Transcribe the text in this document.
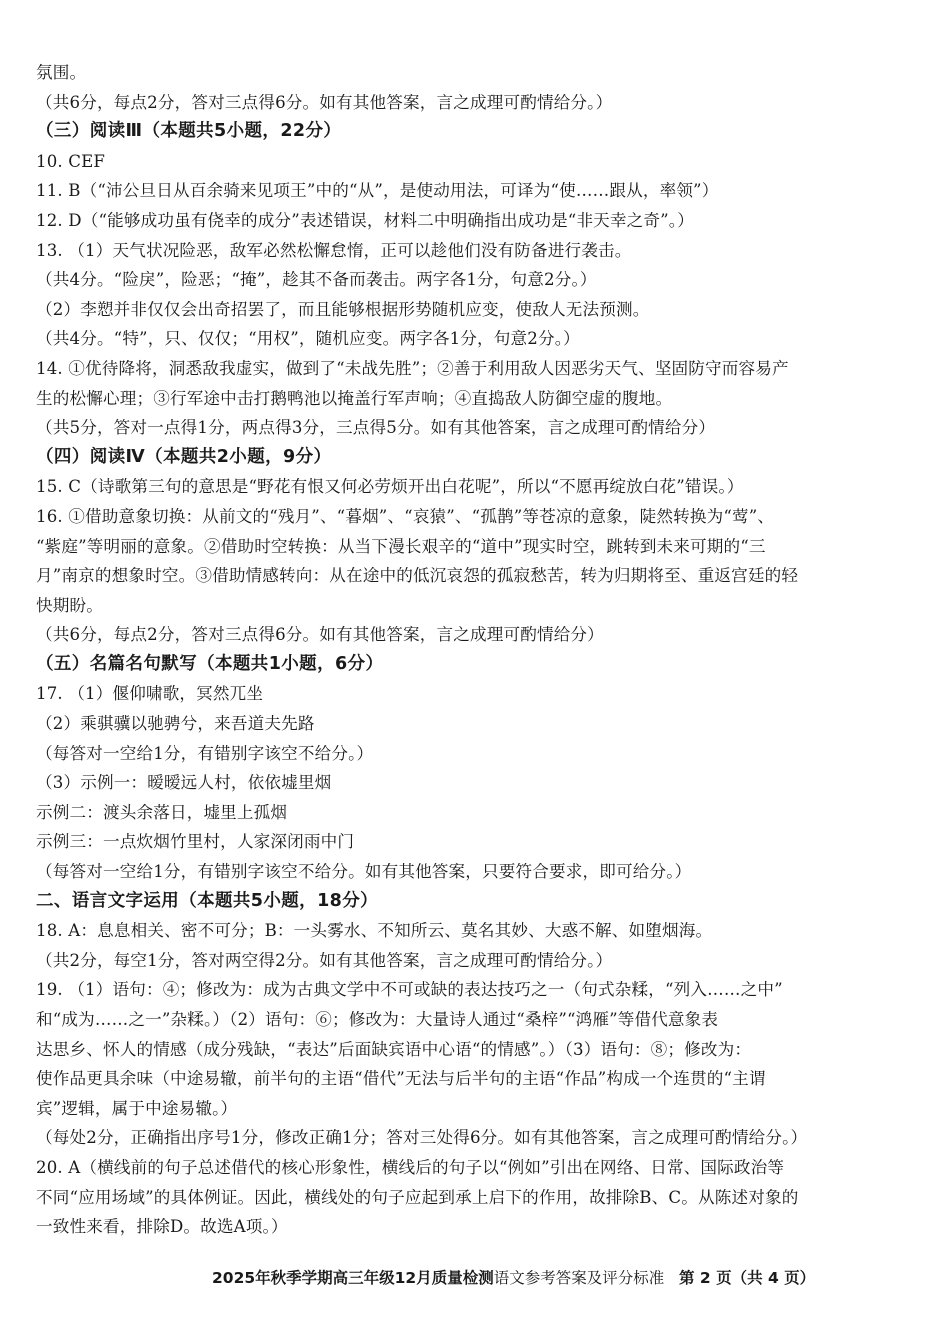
氛围。
（共6分，每点2分，答对三点得6分。如有其他答案，言之成理可酌情给分。）
（三）阅读Ⅲ（本题共5小题，22分）
10. CEF
11. B（“沛公旦日从百余骑来见项王”中的“从”，是使动用法，可译为“使……跟从，率领”）
12. D（“能够成功虽有侥幸的成分”表述错误，材料二中明确指出成功是“非天幸之奇”。）
13. （1）天气状况险恶，敌军必然松懈怠惰，正可以趁他们没有防备进行袭击。
（共4分。“险戾”，险恶；“掩”，趁其不备而袭击。两字各1分，句意2分。）
（2）李愬并非仅仅会出奇招罢了，而且能够根据形势随机应变，使敌人无法预测。
（共4分。“特”，只、仅仅；“用权”，随机应变。两字各1分，句意2分。）
14. ①优待降将，洞悉敌我虚实，做到了“未战先胜”；②善于利用敌人因恶劣天气、坚固防守而容易产
生的松懈心理；③行军途中击打鹅鸭池以掩盖行军声响；④直捣敌人防御空虚的腹地。
（共5分，答对一点得1分，两点得3分，三点得5分。如有其他答案，言之成理可酌情给分）
（四）阅读Ⅳ（本题共2小题，9分）
15. C（诗歌第三句的意思是“野花有恨又何必劳烦开出白花呢”，所以“不愿再绽放白花”错误。）
16. ①借助意象切换：从前文的“残月”、“暮烟”、“哀猿”、“孤鹊”等苍凉的意象，陡然转换为“莺”、
“紫庭”等明丽的意象。②借助时空转换：从当下漫长艰辛的“道中”现实时空，跳转到未来可期的“三
月”南京的想象时空。③借助情感转向：从在途中的低沉哀怨的孤寂愁苦，转为归期将至、重返宫廷的轻
快期盼。
（共6分，每点2分，答对三点得6分。如有其他答案，言之成理可酌情给分）
（五）名篇名句默写（本题共1小题，6分）
17. （1）偃仰啸歌，冥然兀坐
（2）乘骐骥以驰骋兮，来吾道夫先路
（每答对一空给1分，有错别字该空不给分。）
（3）示例一：暧暧远人村，依依墟里烟
示例二：渡头余落日，墟里上孤烟
示例三：一点炊烟竹里村，人家深闭雨中门
（每答对一空给1分，有错别字该空不给分。如有其他答案，只要符合要求，即可给分。）
二、语言文字运用（本题共5小题，18分）
18. A：息息相关、密不可分；B：一头雾水、不知所云、莫名其妙、大惑不解、如堕烟海。
（共2分，每空1分，答对两空得2分。如有其他答案，言之成理可酌情给分。）
19. （1）语句：④；修改为：成为古典文学中不可或缺的表达技巧之一（句式杂糅，“列入……之中”
和“成为……之一”杂糅。）（2）语句：⑥；修改为：大量诗人通过“桑梓”“鸿雁”等借代意象表
达思乡、怀人的情感（成分残缺，“表达”后面缺宾语中心语“的情感”。）（3）语句：⑧；修改为：
使作品更具余味（中途易辙，前半句的主语“借代”无法与后半句的主语“作品”构成一个连贯的“主谓
宾”逻辑，属于中途易辙。）
（每处2分，正确指出序号1分，修改正确1分；答对三处得6分。如有其他答案，言之成理可酌情给分。）
20. A（横线前的句子总述借代的核心形象性，横线后的句子以“例如”引出在网络、日常、国际政治等
不同“应用场域”的具体例证。因此，横线处的句子应起到承上启下的作用，故排除B、C。从陈述对象的
一致性来看，排除D。故选A项。）
2025年秋季学期高三年级12月质量检测语文参考答案及评分标准 第 2 页（共 4 页）
